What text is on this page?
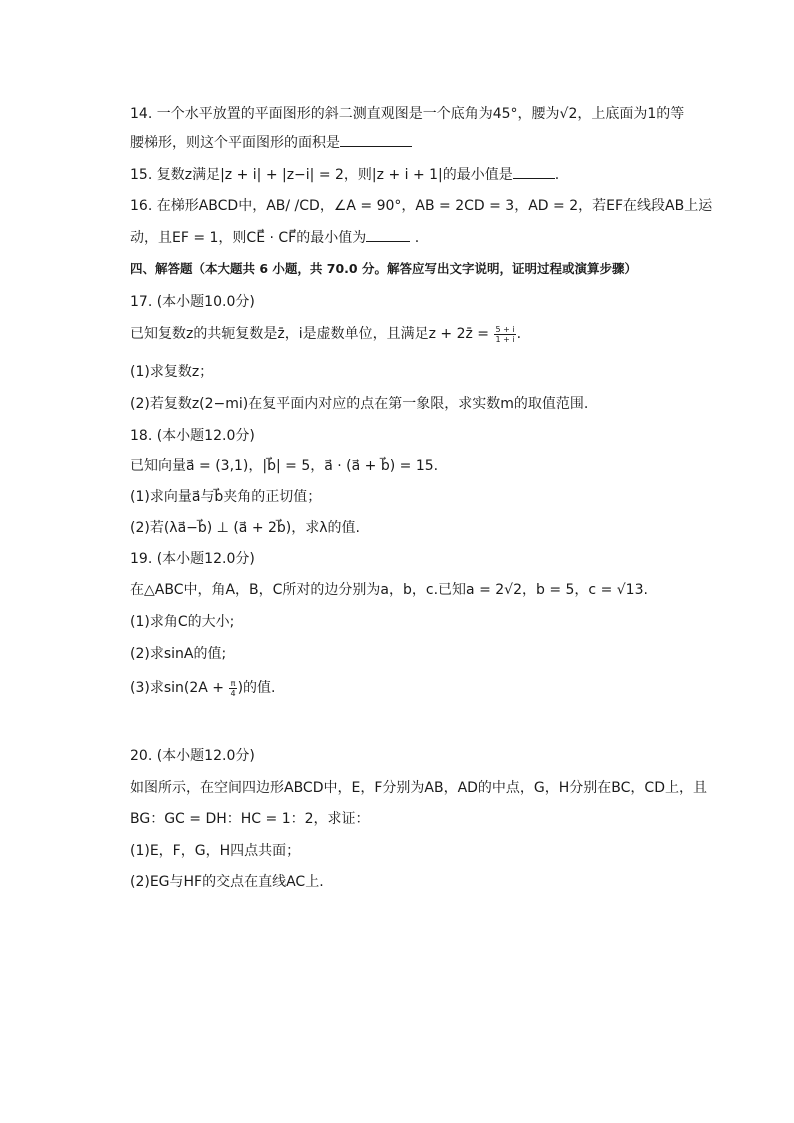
14. 一个水平放置的平面图形的斜二测直观图是一个底角为45°，腰为√2，上底面为1的等
腰梯形，则这个平面图形的面积是
15. 复数z满足|z + i| + |z−i| = 2，则|z + i + 1|的最小值是	.
16. 在梯形ABCD中，AB/ /CD，∠A = 90°，AB = 2CD = 3，AD = 2，若EF在线段AB上运
动，且EF = 1，则CE⃗ · CF⃗的最小值为	.
四、解答题（本大题共 6 小题，共 70.0 分。解答应写出文字说明，证明过程或演算步骤）
17. (本小题10.0分)
已知复数z的共轭复数是z̄，i是虚数单位，且满足z + 2z̄ = $\frac{5 + i}{1 + i}$ .
(1)求复数z；
(2)若复数z(2−mi)在复平面内对应的点在第一象限，求实数m的取值范围.
18. (本小题12.0分)
已知向量a⃗ = (3,1)，|b⃗| = 5，a⃗ · (a⃗ + b⃗) = 15.
(1)求向量a⃗与b⃗夹角的正切值；
(2)若(λa⃗−b⃗) ⊥ (a⃗ + 2b⃗)，求λ的值.
19. (本小题12.0分)
在△ABC中，角A，B，C所对的边分别为a，b，c.已知a = 2√2，b = 5，c = √13.
(1)求角C的大小;
(2)求sinA的值;
(3)求$\sin(2A + \frac{\pi}{4}$ )的值.
20. (本小题12.0分)
如图所示，在空间四边形ABCD中，E，F分别为AB，AD的中点，G，H分别在BC，CD上，且
BG：GC = DH：HC = 1：2，求证：
(1)E，F，G，H四点共面；
(2)EG与HF的交点在直线AC上.
